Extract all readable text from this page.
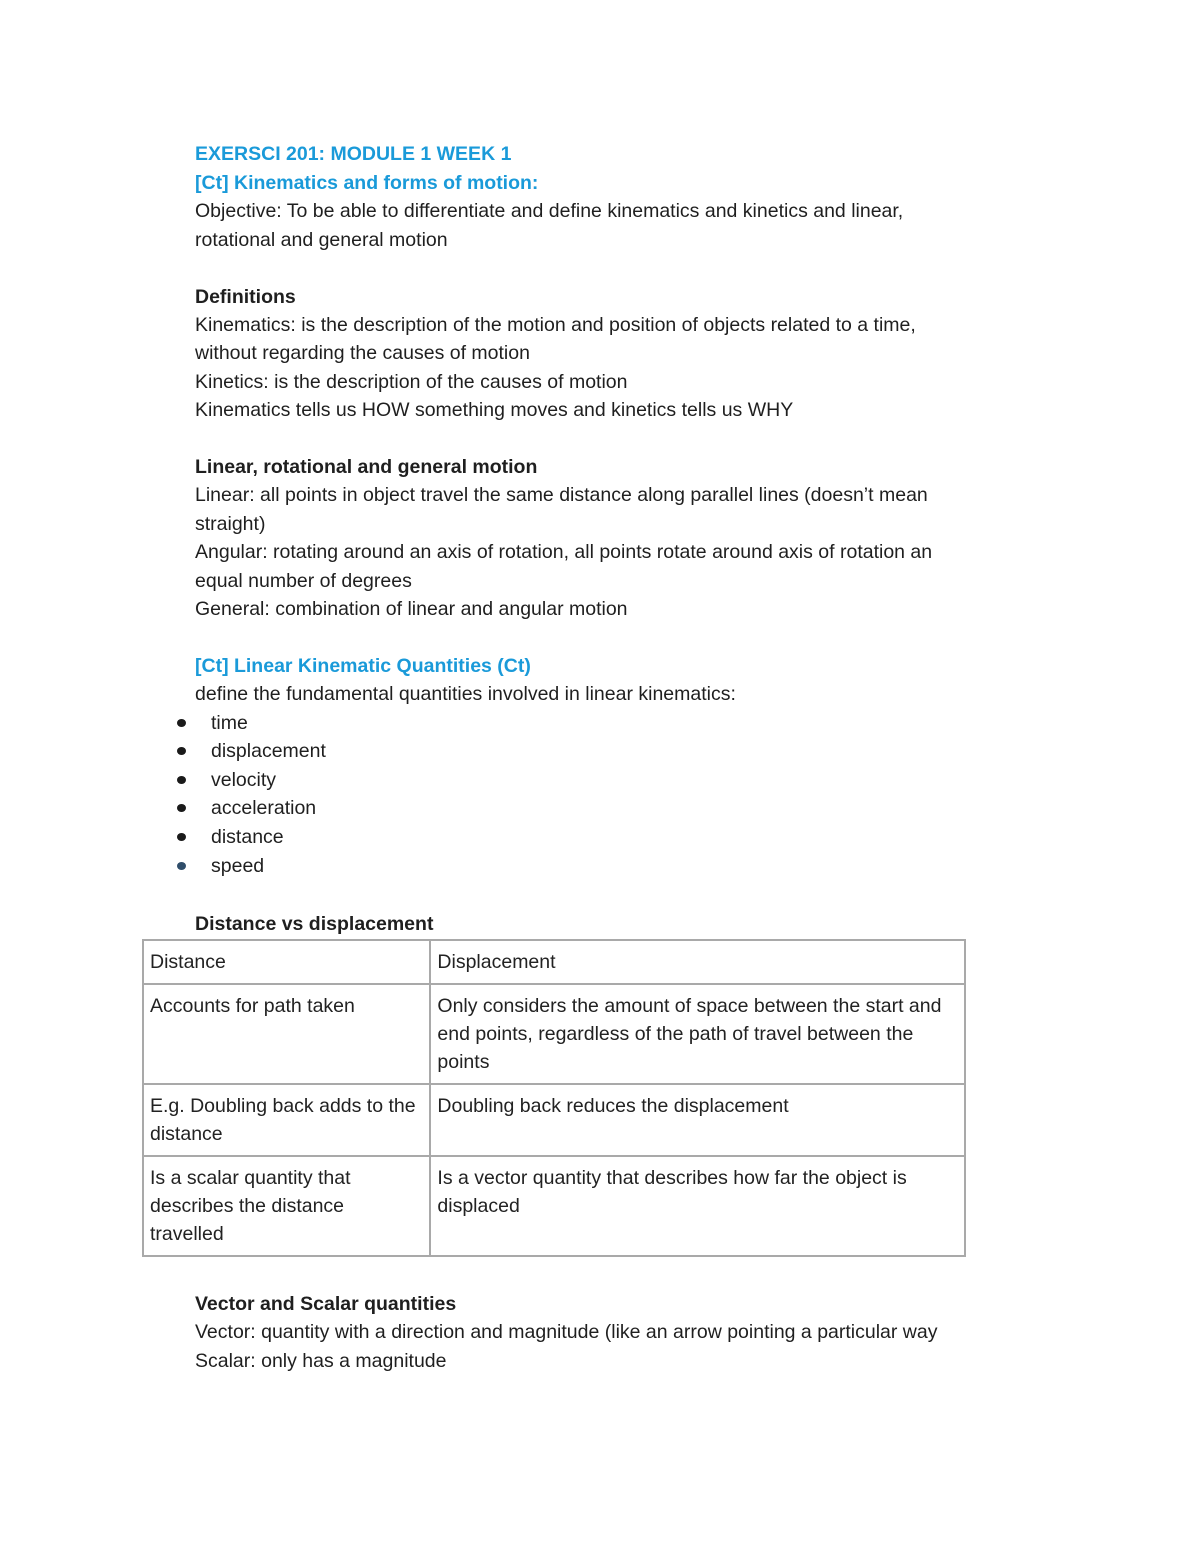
EXERSCI 201: MODULE 1 WEEK 1

[Ct] Kinematics and forms of motion:

Objective: To be able to differentiate and define kinematics and kinetics and linear,

rotational and general motion

Definitions

Kinematics: is the description of the motion and position of objects related to a time,

without regarding the causes of motion

Kinetics: is the description of the causes of motion

Kinematics tells us HOW something moves and kinetics tells us WHY

Linear, rotational and general motion

Linear: all points in object travel the same distance along parallel lines (doesn’t mean

straight)

Angular: rotating around an axis of rotation, all points rotate around axis of rotation an

equal number of degrees

General: combination of linear and angular motion

[Ct] Linear Kinematic Quantities (Ct)

define the fundamental quantities involved in linear kinematics:

time
displacement
velocity
acceleration
distance
speed

Distance vs displacement

Distance	Displacement
Accounts for path taken	Only considers the amount of space between the start and end points, regardless of the path of travel between the points
E.g. Doubling back adds to the distance	Doubling back reduces the displacement
Is a scalar quantity that describes the distance travelled	Is a vector quantity that describes how far the object is displaced

Vector and Scalar quantities

Vector: quantity with a direction and magnitude (like an arrow pointing a particular way

Scalar: only has a magnitude
